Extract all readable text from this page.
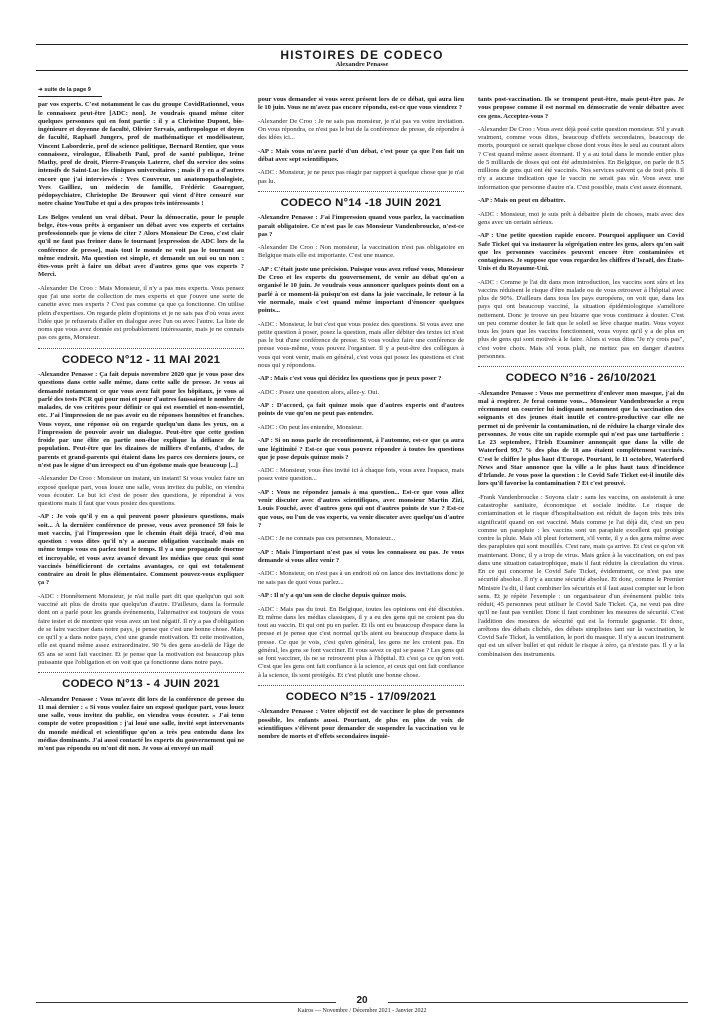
HISTOIRES DE CODECO
Alexandre Penasse
➜ suite de la page 9

par vos experts. C'est notamment le cas du groupe CovidRationnel, vous le connaissez peut-être [ADC: non]. Je voudrais quand même citer quelques personnes qui en font partie : il y a Christine Dupont, bio-ingénieure et doyenne de faculté, Olivier Servais, anthropologue et doyen de faculté, Raphaël Jungers, prof de mathématique et modélisateur, Vincent Laborderie, prof de science politique, Bernard Rentier, que vous connaissez, virologue, Élisabeth Paul, prof de santé publique, Irène Mathy, prof de droit, Pierre-François Laterre, chef du service des soins intensifs de Saint-Luc les cliniques universitaires ; mais il y en a d'autres encore que j'ai interviewés : Yves Couvreur, un anatomopathologiste, Yves Gailliez, un médecin de famille, Frédéric Goareguer, pédopsychiatre, Christophe De Brouwer qui vient d'être censuré sur notre chaine YouTube et qui a des propos très intéressants !

Les Belges veulent un vrai débat. Pour la démocratie, pour le peuple belge, êtes-vous prêts à organiser un débat avec vos experts et certains professionnels que je viens de citer ? Alors Monsieur De Croo, c'est clair qu'il ne faut pas freiner dans le tournant [expression de ADC lors de la conférence de presse], mais tout le monde ne voit pas le tournant au même endroit. Ma question est simple, et demande un oui ou un non : êtes-vous prêt à faire un débat avec d'autres gens que vos experts ? Merci.

-Alexander De Croo : Mais Monsieur, il n'y a pas mes experts. Vous pensez que j'ai une sorte de collection de mes experts et que j'ouvre une sorte de canette avec mes experts ? C'est pas comme ça que ça fonctionne. On utilise plein d'expertises. On regarde plein d'opinions et je ne sais pas d'où vous avez l'idée que je refuserais d'aller en dialogue avec l'un ou avec l'autre. La liste de noms que vous avez donnée est probablement intéressante, mais je ne connais pas ces gens, Monsieur.

CODECO N°12 - 11 MAI 2021

-Alexandre Penasse : Ça fait depuis novembre 2020 que je vous pose des questions dans cette salle même, dans cette salle de presse. Je vous ai demandé notamment ce que vous avez fait pour les hôpitaux, je vous ai parlé des tests PCR qui pour moi et pour d'autres faussaient le nombre de malades, de vos critères pour définir ce qui est essentiel et non-essentiel, etc. J'ai l'impression de ne pas avoir eu de réponses honnêtes et franches. Vous voyez, une réponse où on regarde quelqu'un dans les yeux, on a l'impression de pouvoir avoir un dialogue. Peut-être que cette gestion froide par une élite en partie non-élue explique la défiance de la population. Peut-être que les dizaines de milliers d'enfants, d'ados, de parents et grand-parents qui étaient dans les parcs ces derniers jours, ce n'est pas le signe d'un irrespect ou d'un égoïsme mais que beaucoup [...]

-Alexander De Croo : Monsieur un instant, un instant! Si vous voulez faire un exposé quelque part, vous louez une salle, vous invitez du public, on viendra vous écouter. Le but ici c'est de poser des questions, je répondrai à vos questions mais il faut que vous posiez des questions.

-AP : Je vois qu'il y en a qui peuvent poser plusieurs questions, mais soit... À la dernière conférence de presse, vous avez prononcé 59 fois le mot vaccin, j'ai l'impression que le chemin était déjà tracé, d'où ma question : vous dites qu'il n'y a aucune obligation vaccinale mais en même temps vous en parlez tout le temps. Il y a une propagande énorme et incroyable, et vous avez avancé devant les médias que ceux qui sont vaccinés bénéficieront de certains avantages, ce qui est totalement contraire au droit le plus élémentaire. Comment pouvez-vous expliquer ça ?

-ADC : Honnêtement Monsieur, je n'ai nulle part dit que quelqu'un qui soit vacciné ait plus de droits que quelqu'un d'autre. D'ailleurs, dans la formule dont on a parlé pour les grands événements, l'alternative est toujours de vous faire tester et de montrer que vous avez un test négatif. Il n'y a pas d'obligation de se faire vacciner dans notre pays, je pense que c'est une bonne chose. Mais ce qu'il y a dans notre pays, c'est une grande motivation. Et cette motivation, elle est quand même assez extraordinaire. 90 % des gens au-delà de l'âge de 65 ans se sont fait vacciner. Et je pense que la motivation est beaucoup plus puissante que l'obligation et on voit que ça fonctionne dans notre pays.

CODECO N°13 - 4 JUIN 2021

-Alexandre Penasse : Vous m'avez dit lors de la conférence de presse du 11 mai dernier : « Si vous voulez faire un exposé quelque part, vous louez une salle, vous invitez du public, on viendra vous écouter. » J'ai tenu compte de votre proposition : j'ai loué une salle, invité sept intervenants du monde médical et scientifique qu'on a très peu entendu dans les médias dominants. J'ai aussi contacté les experts du gouvernement qui ne m'ont pas répondu ou m'ont dit non. Je vous ai envoyé un mail

pour vous demander si vous serez présent lors de ce débat, qui aura lieu le 10 juin. Vous ne m'avez pas encore répondu, est-ce que vous viendrez ?

-Alexander De Croo : Je ne sais pas monsieur, je n'ai pas vu votre invitation. On vous répondra, ce n'est pas le but de la conférence de presse, de répondre à des idées ici...

-AP : Mais vous m'avez parlé d'un débat, c'est pour ça que l'on fait un débat avec sept scientifiques.

-ADC : Monsieur, je ne peux pas réagir par rapport à quelque chose que je n'ai pas lu.

CODECO N°14 -18 JUIN 2021

-Alexandre Penasse : J'ai l'impression quand vous parlez, la vaccination paraît obligatoire. Ce n'est pas le cas Monsieur Vandenbroucke, n'est-ce pas ?

-Alexander De Croo : Non monsieur, la vaccination n'est pas obligatoire en Belgique mais elle est importante. C'est une nuance.

-AP : C'était juste une précision. Puisque vous avez refusé vous, Monsieur De Croo et les experts du gouvernement, de venir au débat qu'on a organisé le 10 juin. Je voudrais vous annoncer quelques points dont on a parlé à ce moment-là puisqu'on est dans la joie vaccinale, le retour à la vie normale, mais c'est quand même important d'énoncer quelques points...

-ADC : Monsieur, le but c'est que vous posiez des questions. Si vous avez une petite question à poser, posez la question, mais aller débiter des textes ici n'est pas le but d'une conférence de presse. Si vous voulez faire une conférence de presse vous-même, vous pouvez l'organiser. Il y a peut-être des collègues à vous qui vont venir, mais en général, c'est vous qui posez les questions et c'est nous qui y répondons.

-AP : Mais c'est vous qui décidez les questions que je peux poser ?

-ADC : Posez une question alors, allez-y. Oui.

-AP : D'accord, ça fait quinze mois que d'autres experts ont d'autres points de vue qu'on ne peut pas entendre.

-ADC : On peut les entendre, Monsieur.

-AP : Si on nous parle de reconfinement, à l'automne, est-ce que ça aura une légitimité ? Est-ce que vous pouvez répondre à toutes les questions que je pose depuis quinze mois ?

-ADC : Monsieur, vous êtes invité ici à chaque fois, vous avez l'espace, mais posez votre question...

-AP : Vous ne répondez jamais à ma question... Est-ce que vous allez venir discuter avec d'autres scientifiques, avec monsieur Martin Zizi, Louis Fouché, avec d'autres gens qui ont d'autres points de vue ? Est-ce que vous, ou l'un de vos experts, va venir discuter avec quelqu'un d'autre ?

-ADC : Je ne connais pas ces personnes, Monsieur...

-AP : Mais l'important n'est pas si vous les connaissez ou pas. Je vous demande si vous allez venir ?

-ADC : Monsieur, on n'est pas à un endroit où on lance des invitations donc je ne sais pas de quoi vous parlez...

-AP : Il n'y a qu'un son de cloche depuis quinze mois.

-ADC : Mais pas du tout. En Belgique, toutes les opinions ont été discutées. Et même dans les médias classiques, il y a eu des gens qui ne croient pas du tout au vaccin. Et qui ont pu en parler. Et ils ont eu beaucoup d'espace dans la presse et je pense que c'est normal qu'ils aient eu beaucoup d'espace dans la presse. Ce que je vois, c'est qu'en général, les gens ne les croient pas. En général, les gens se font vacciner. Et vous savez ce qui se passe ? Les gens qui se font vacciner, ils ne se retrouvent plus à l'hôpital. Et c'est ça ce qu'on voit. C'est que les gens ont fait confiance à la science, et ceux qui ont fait confiance à la science, ils sont protégés. Et c'est plutôt une bonne chose.

CODECO N°15 - 17/09/2021

-Alexandre Penasse : Votre objectif est de vacciner le plus de personnes possible, les enfants aussi. Pourtant, de plus en plus de voix de scientifiques s'élèvent pour demander de suspendre la vaccination vu le nombre de morts et d'effets secondaires inquié-

tants post-vaccination. Ils se trompent peut-être, mais peut-être pas. Je vous propose comme il est normal en démocratie de venir débattre avec ces gens. Acceptez-vous ?

-Alexander De Croo : Vous avez déjà posé cette question monsieur. S'il y avait vraiment, comme vous dites, beaucoup d'effets secondaires, beaucoup de morts, pourquoi ce serait quelque chose dont vous êtes le seul au courant alors ? C'est quand même assez étonnant. Il y a au total dans le monde entier plus de 5 milliards de doses qui ont été administrées. En Belgique, on parle de 8.5 millions de gens qui ont été vaccinés. Nos services suivent ça de tout près. Il n'y a aucune indication que le vaccin ne serait pas sûr. Vous avez une information que personne d'autre n'a. C'est possible, mais c'est assez étonnant.

-AP : Mais on peut en débattre.

-ADC : Monsieur, moi je suis prêt à débattre plein de choses, mais avec des gens avec un certain sérieux.

-AP : Une petite question rapide encore. Pourquoi appliquer un Covid Safe Ticket qui va instaurer la ségrégation entre les gens, alors qu'on sait que les personnes vaccinées peuvent encore être contaminées et contagieuses. Je suppose que vous regardez les chiffres d'Israël, des États-Unis et du Royaume-Uni.

-ADC : Comme je l'ai dit dans mon introduction, les vaccins sont sûrs et les vaccins réduisent le risque d'être malade ou de vous retrouver à l'hôpital avec plus de 90%. D'ailleurs dans tous les pays européens, on voit que, dans les pays qui ont beaucoup vacciné, la situation épidémiologique s'améliore nettement. Donc je trouve un peu bizarre que vous continuez à douter. C'est un peu comme douter le fait que le soleil se lève chaque matin. Vous voyez tous les jours que les vaccins fonctionnent, vous voyez qu'il y a de plus en plus de gens qui sont motivés à le faire. Alors si vous dites "Je n'y crois pas", c'est votre choix. Mais s'il vous plaît, ne mettez pas en danger d'autres personnes.

CODECO N°16 - 26/10/2021

-Alexandre Penasse : Vous me permettrez d'enlever mon masque, j'ai du mal à respirer. Je ferai comme vous... Monsieur Vandenbroucke a reçu récemment un courrier lui indiquant notamment que la vaccination des soignants et des jeunes était inutile et contre-productive car elle ne permet ni de prévenir la contamination, ni de réduire la charge virale des personnes. Je vous cite un rapide exemple qui n'est pas une tartufferie : Le 23 septembre, l'Irish Examiner annonçait que dans la ville de Waterford 99,7 % des plus de 18 ans étaient complètement vaccinés. C'est le chiffre le plus haut d'Europe. Pourtant, le 11 octobre, Waterford News and Star annonce que la ville a le plus haut taux d'incidence d'Irlande. Je vous pose la question : le Covid Safe Ticket est-il inutile dès lors qu'il favorise la contamination ? Et c'est prouvé.

-Frank Vandenbroucke : Soyons clair : sans les vaccins, on assisterait à une catastrophe sanitaire, économique et sociale inédite. Le risque de contamination et le risque d'hospitalisation est réduit de façon très très très significatif quand on est vacciné. Mais comme je l'ai déjà dit, c'est un peu comme un parapluie : les vaccins sont un parapluie excellent qui protège contre la pluie. Mais s'il pleut fortement, s'il vente, il y a des gens même avec des parapluies qui sont mouillés. C'est rare, mais ça arrive. Et c'est ce qu'on vit maintenant. Donc, il y a trop de virus. Mais grâce à la vaccination, on est pas dans une situation catastrophique, mais il faut réduire la circulation du virus. En ce qui concerne le Covid Safe Ticket, évidemment, ce n'est pas une sécurité absolue. Il n'y a aucune sécurité absolue. Et donc, comme le Premier Ministre l'a dit, il faut combiner les sécurités et il faut aussi compter sur le bon sens. Et je répète l'exemple : un organisateur d'un événement public très réduit, 45 personnes peut utiliser le Covid Safe Ticket. Ça, ne veut pas dire qu'il ne faut pas ventiler. Donc il faut combiner les mesures de sécurité. C'est l'addition des mesures de sécurité qui est la formule gagnante. Et donc, arrêtons des débats clichés, des débats simplistes tant sur la vaccination, le Covid Safe Ticket, la ventilation, le port du masque. Il n'y a aucun instrument qui est un silver bullet et qui réduit le risque à zéro, ça n'existe pas. Il y a la combinaison des instruments.

20
Kairos — Novembre / Décembre 2021 - Janvier 2022
